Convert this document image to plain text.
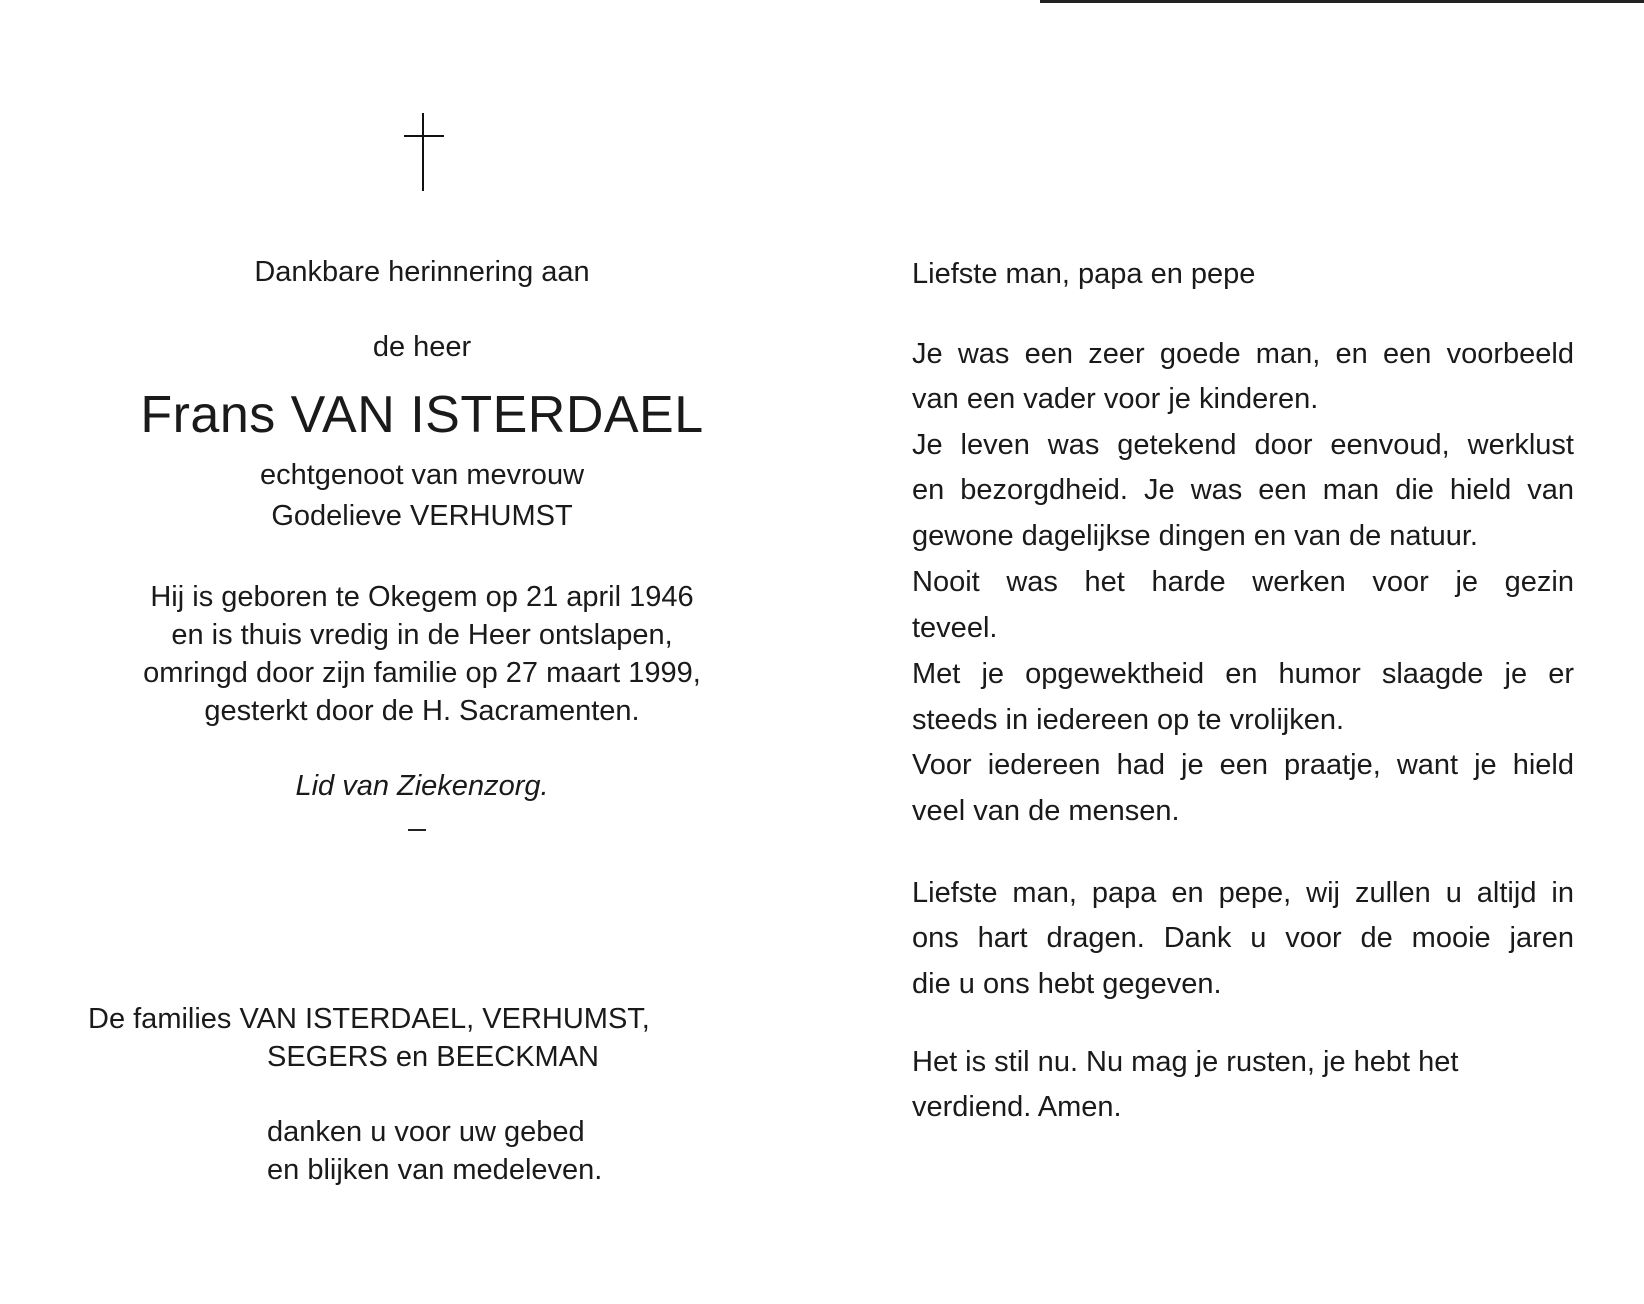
Dankbare herinnering aan
de heer
Frans VAN ISTERDAEL
echtgenoot van mevrouw
Godelieve VERHUMST
Hij is geboren te Okegem op 21 april 1946
en is thuis vredig in de Heer ontslapen,
omringd door zijn familie op 27 maart 1999,
gesterkt door de H. Sacramenten.
Lid van Ziekenzorg.
De families VAN ISTERDAEL, VERHUMST,
SEGERS en BEECKMAN
danken u voor uw gebed
en blijken van medeleven.
Liefste man, papa en pepe
Je was een zeer goede man, en een voorbeeld
van een vader voor je kinderen.
Je leven was getekend door eenvoud, werklust
en bezorgdheid. Je was een man die hield van
gewone dagelijkse dingen en van de natuur.
Nooit was het harde werken voor je gezin
teveel.
Met je opgewektheid en humor slaagde je er
steeds in iedereen op te vrolijken.
Voor iedereen had je een praatje, want je hield
veel van de mensen.
Liefste man, papa en pepe, wij zullen u altijd in
ons hart dragen. Dank u voor de mooie jaren
die u ons hebt gegeven.
Het is stil nu. Nu mag je rusten, je hebt het
verdiend. Amen.
